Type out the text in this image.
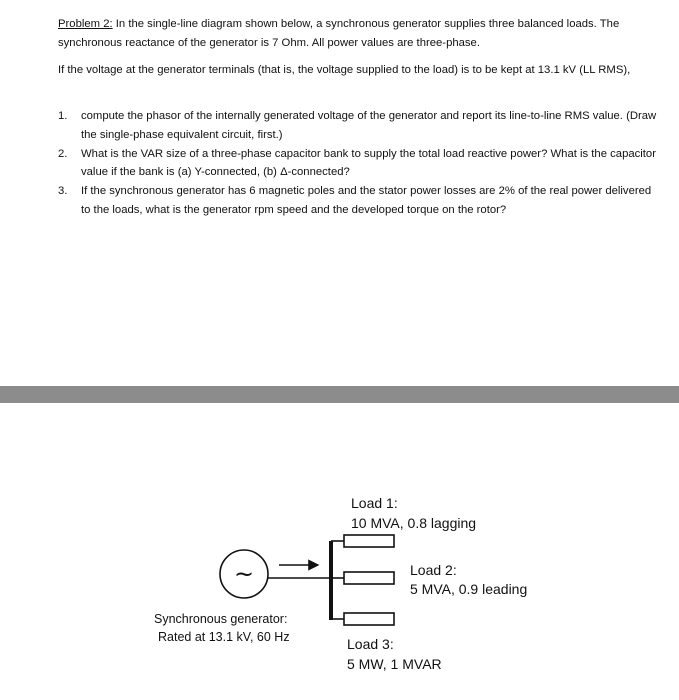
Problem 2: In the single-line diagram shown below, a synchronous generator supplies three balanced loads. The synchronous reactance of the generator is 7 Ohm. All power values are three-phase.
If the voltage at the generator terminals (that is, the voltage supplied to the load) is to be kept at 13.1 kV (LL RMS),
1. compute the phasor of the internally generated voltage of the generator and report its line-to-line RMS value. (Draw the single-phase equivalent circuit, first.)
2. What is the VAR size of a three-phase capacitor bank to supply the total load reactive power? What is the capacitor value if the bank is (a) Y-connected, (b) Δ-connected?
3. If the synchronous generator has 6 magnetic poles and the stator power losses are 2% of the real power delivered to the loads, what is the generator rpm speed and the developed torque on the rotor?
~
Load 1:
10 MVA, 0.8 lagging
Load 2:
5 MVA, 0.9 leading
Load 3:
5 MW, 1 MVAR
Synchronous generator:
Rated at 13.1 kV, 60 Hz
